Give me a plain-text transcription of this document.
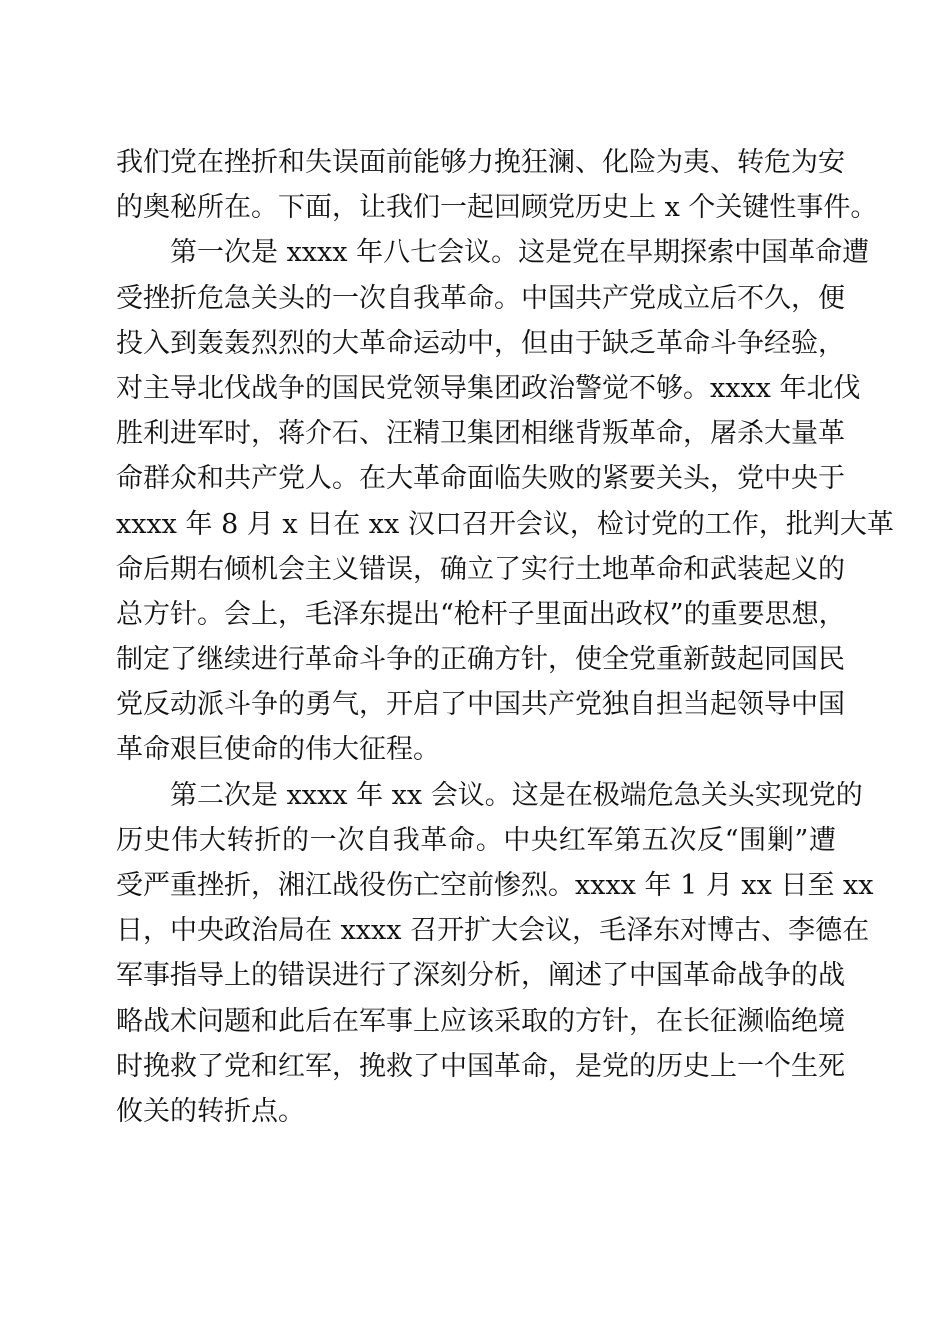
我们党在挫折和失误面前能够力挽狂澜、化险为夷、转危为安
的奥秘所在。下面，让我们一起回顾党历史上 x 个关键性事件。
　　第一次是 xxxx 年八七会议。这是党在早期探索中国革命遭
受挫折危急关头的一次自我革命。中国共产党成立后不久，便
投入到轰轰烈烈的大革命运动中，但由于缺乏革命斗争经验，
对主导北伐战争的国民党领导集团政治警觉不够。xxxx 年北伐
胜利进军时，蒋介石、汪精卫集团相继背叛革命，屠杀大量革
命群众和共产党人。在大革命面临失败的紧要关头，党中央于
xxxx 年 8 月 x 日在 xx 汉口召开会议，检讨党的工作，批判大革
命后期右倾机会主义错误，确立了实行土地革命和武装起义的
总方针。会上，毛泽东提出“枪杆子里面出政权”的重要思想，
制定了继续进行革命斗争的正确方针，使全党重新鼓起同国民
党反动派斗争的勇气，开启了中国共产党独自担当起领导中国
革命艰巨使命的伟大征程。
　　第二次是 xxxx 年 xx 会议。这是在极端危急关头实现党的
历史伟大转折的一次自我革命。中央红军第五次反“围剿”遭
受严重挫折，湘江战役伤亡空前惨烈。xxxx 年 1 月 xx 日至 xx
日，中央政治局在 xxxx 召开扩大会议，毛泽东对博古、李德在
军事指导上的错误进行了深刻分析，阐述了中国革命战争的战
略战术问题和此后在军事上应该采取的方针，在长征濒临绝境
时挽救了党和红军，挽救了中国革命，是党的历史上一个生死
攸关的转折点。
